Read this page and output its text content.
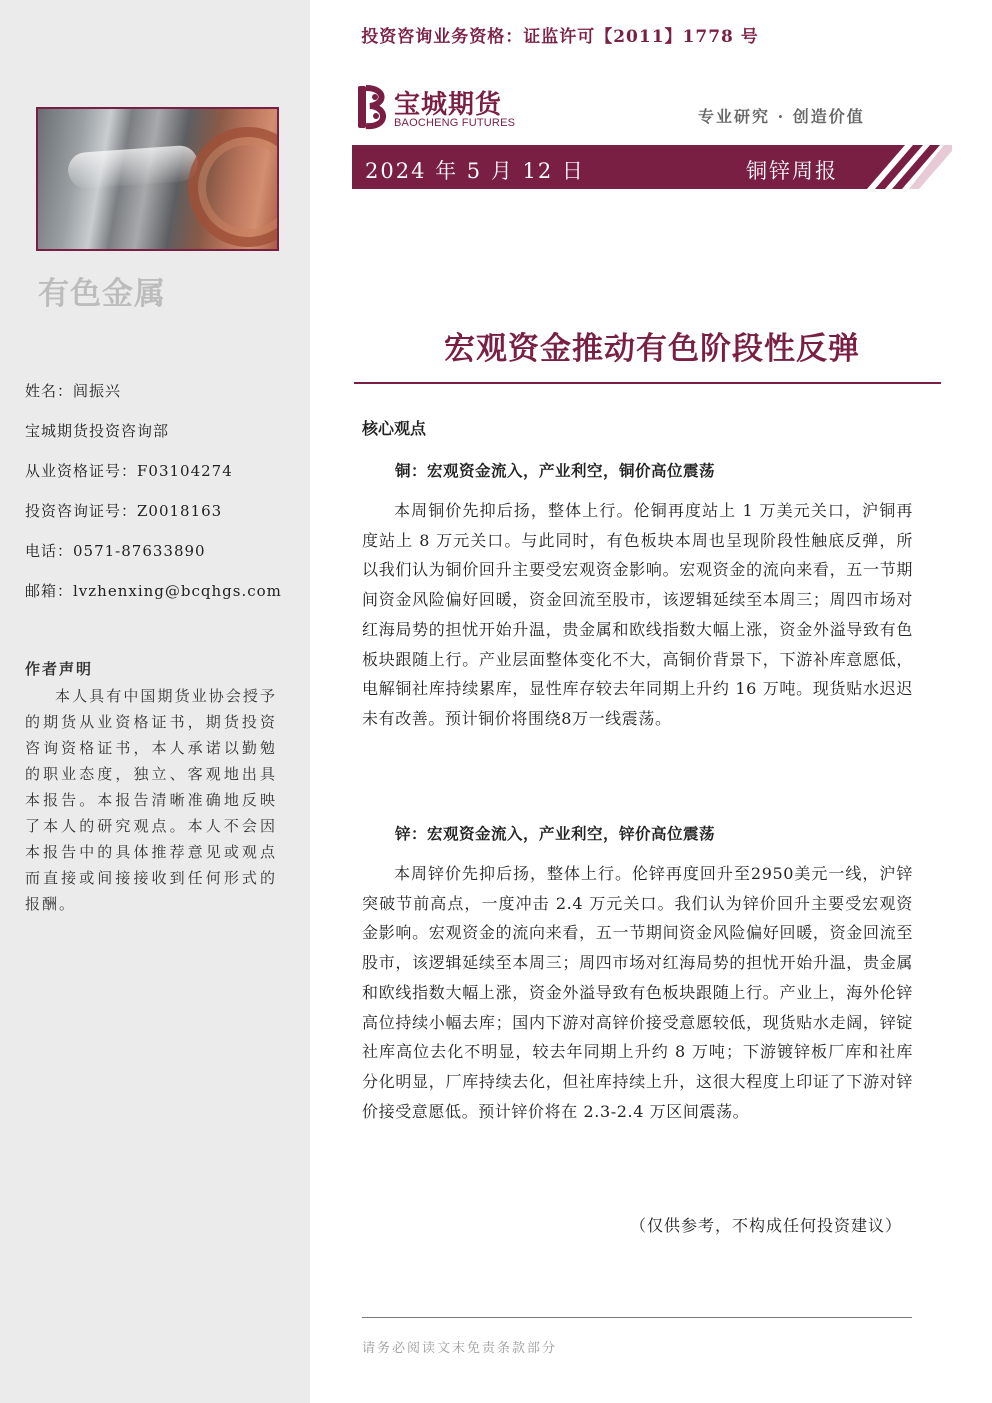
有色金属
姓名：闾振兴
宝城期货投资咨询部
从业资格证号：F03104274
投资咨询证号：Z0018163
电话：0571-87633890
邮箱：lvzhenxing@bcqhgs.com
作者声明
本人具有中国期货业协会授予的期货从业资格证书，期货投资咨询资格证书，本人承诺以勤勉的职业态度，独立、客观地出具本报告。本报告清晰准确地反映了本人的研究观点。本人不会因本报告中的具体推荐意见或观点而直接或间接接收到任何形式的报酬。
投资咨询业务资格：证监许可【2011】1778 号
宝城期货
BAOCHENG FUTURES	专业研究 · 创造价值
2024 年 5 月 12 日	铜锌周报
宏观资金推动有色阶段性反弹
核心观点
铜：宏观资金流入，产业利空，铜价高位震荡
本周铜价先抑后扬，整体上行。伦铜再度站上 1 万美元关口，沪铜再度站上 8 万元关口。与此同时，有色板块本周也呈现阶段性触底反弹，所以我们认为铜价回升主要受宏观资金影响。宏观资金的流向来看，五一节期间资金风险偏好回暖，资金回流至股市，该逻辑延续至本周三；周四市场对红海局势的担忧开始升温，贵金属和欧线指数大幅上涨，资金外溢导致有色板块跟随上行。产业层面整体变化不大，高铜价背景下，下游补库意愿低，电解铜社库持续累库，显性库存较去年同期上升约 16 万吨。现货贴水迟迟未有改善。预计铜价将围绕8万一线震荡。
锌：宏观资金流入，产业利空，锌价高位震荡
本周锌价先抑后扬，整体上行。伦锌再度回升至2950美元一线，沪锌突破节前高点，一度冲击 2.4 万元关口。我们认为锌价回升主要受宏观资金影响。宏观资金的流向来看，五一节期间资金风险偏好回暖，资金回流至股市，该逻辑延续至本周三；周四市场对红海局势的担忧开始升温，贵金属和欧线指数大幅上涨，资金外溢导致有色板块跟随上行。产业上，海外伦锌高位持续小幅去库；国内下游对高锌价接受意愿较低，现货贴水走阔，锌锭社库高位去化不明显，较去年同期上升约 8 万吨；下游镀锌板厂库和社库分化明显，厂库持续去化，但社库持续上升，这很大程度上印证了下游对锌价接受意愿低。预计锌价将在 2.3-2.4 万区间震荡。
（仅供参考，不构成任何投资建议）
请务必阅读文末免责条款部分
